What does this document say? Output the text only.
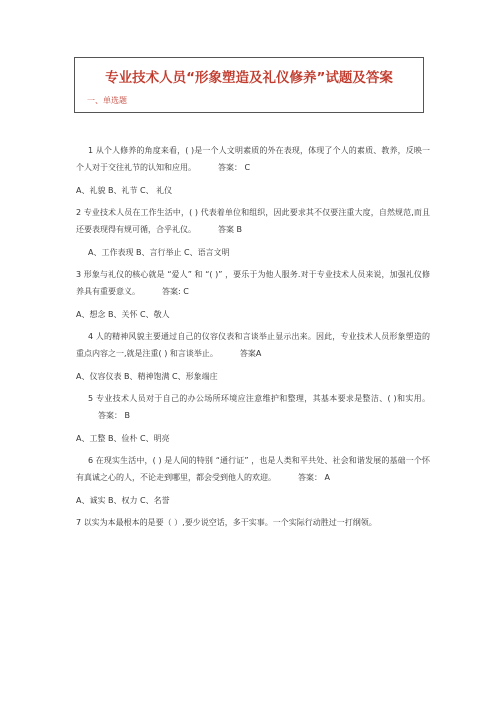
专业技术人员“形象塑造及礼仪修养”试题及答案
一、单选题

1 从个人修养的角度来看，( )是一个人文明素质的外在表现，体现了个人的素质、教养，反映一个人对于交往礼节的认知和应用。	答案： C

A、礼貌 B、礼节 C、 礼仪

2 专业技术人员在工作生活中，( ) 代表着单位和组织，因此要求其不仅要注重大度，自然规范,而且还要表现得有规可循，合乎礼仪。	答案 B

A、工作表现 B、言行举止 C、语言文明

3 形象与礼仪的核心就是 “爱人” 和 “( )” ，要乐于为他人服务.对于专业技术人员来说，加强礼仪修养具有重要意义。	答案: C

A、想念 B、关怀 C、敬人

4 人的精神风貌主要通过自己的仪容仪表和言谈举止显示出来。因此，专业技术人员形象塑造的重点内容之一,就是注重( ) 和言谈举止。	答案A

A、仪容仪表 B、精神饱满 C、形象端庄

5 专业技术人员对于自己的办公场所环境应注意维护和整理，其基本要求是整洁、( )和实用。答案： B

A、工整 B、俭朴 C、明亮

6 在现实生活中，( ) 是人间的特别 “通行证” ，也是人类和平共处、社会和谐发展的基础一个怀有真诚之心的人，不论走到哪里，都会受到他人的欢迎。	答案： A

A、诚实 B、权力 C、名誉

7 以实为本最根本的是要（ ）,要少说空话，多干实事。一个实际行动胜过一打纲领。
